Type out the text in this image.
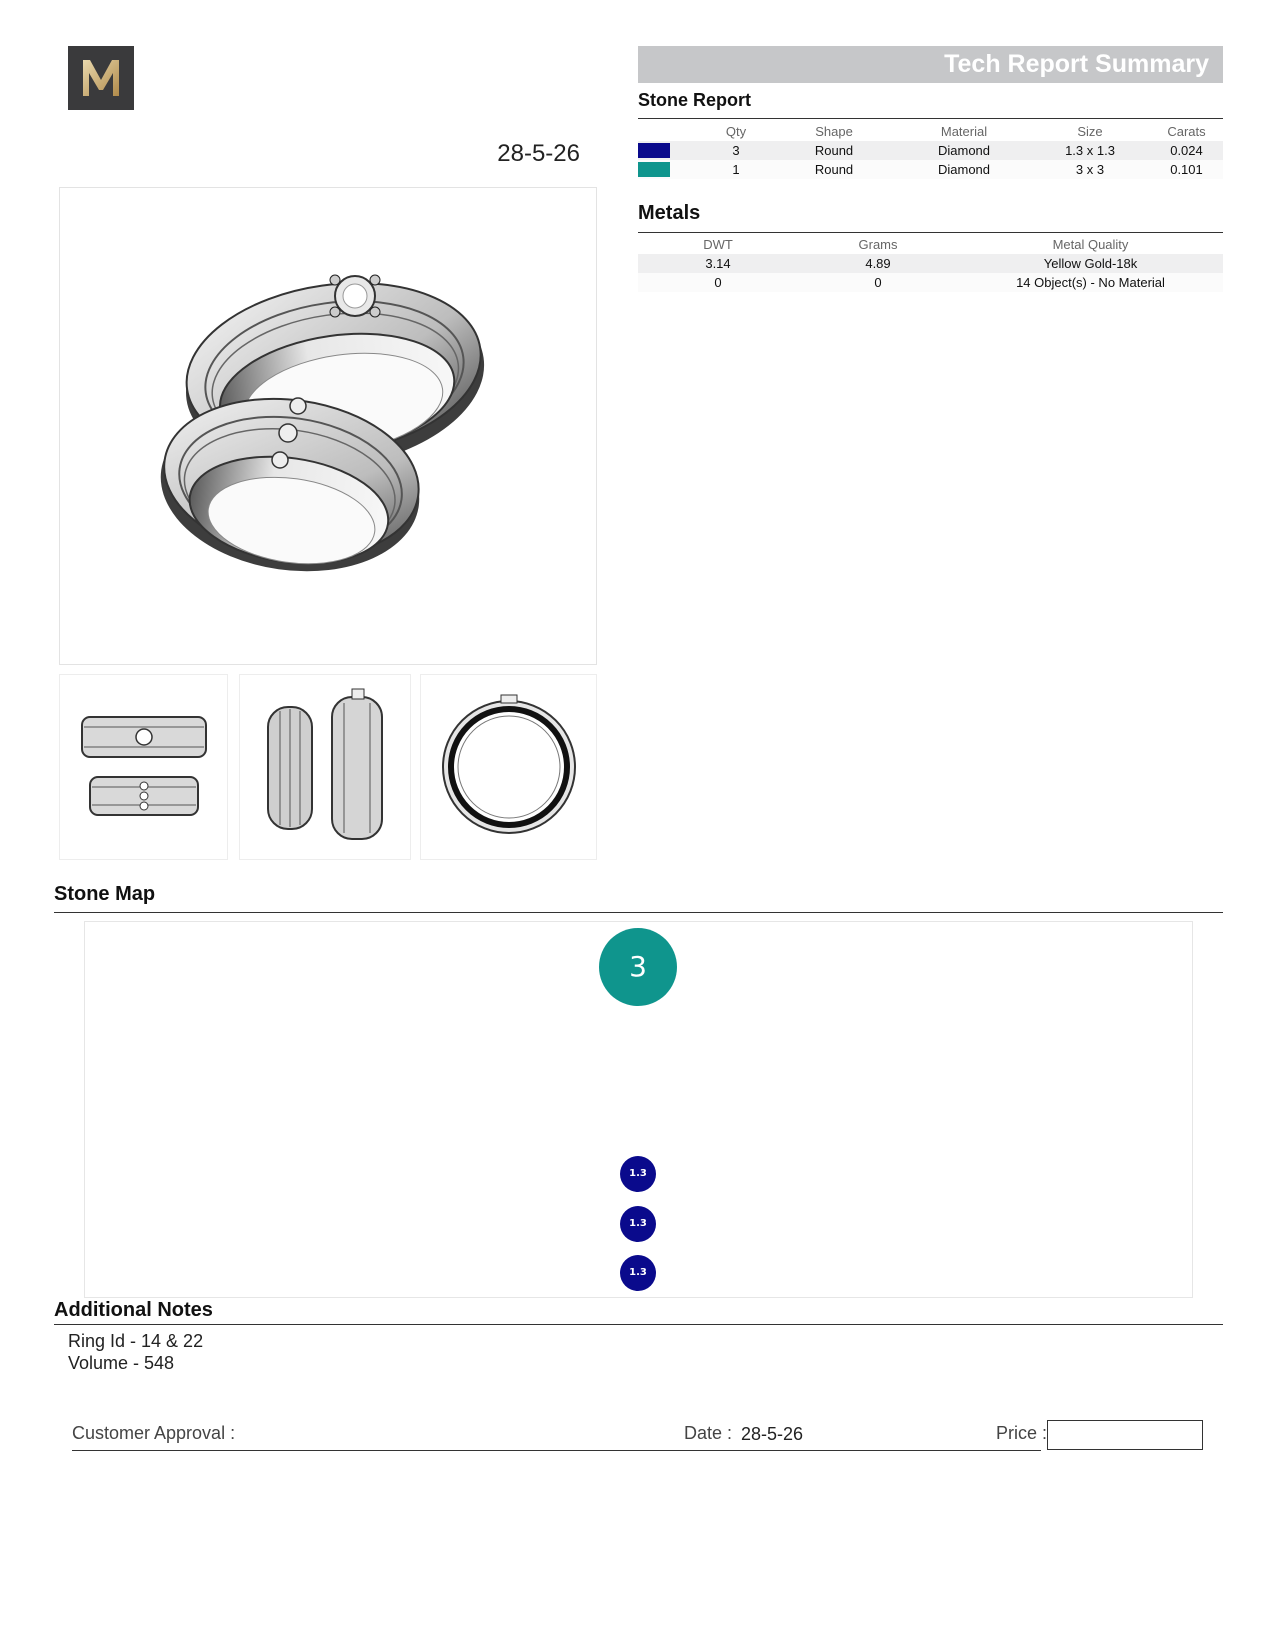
28-5-26
Tech Report Summary
Stone Report
	Qty	Shape	Material	Size	Carats

	3	Round	Diamond	1.3 x 1.3	0.024

	1	Round	Diamond	3 x 3	0.101
Metals
DWT	Grams	Metal Quality
3.14	4.89	Yellow Gold-18k
0	0	14 Object(s) - No Material
Stone Map
3
1.3
1.3
1.3
Additional Notes
Ring Id - 14 & 22
Volume - 548
Customer Approval :	Date : 28-5-26	Price :
